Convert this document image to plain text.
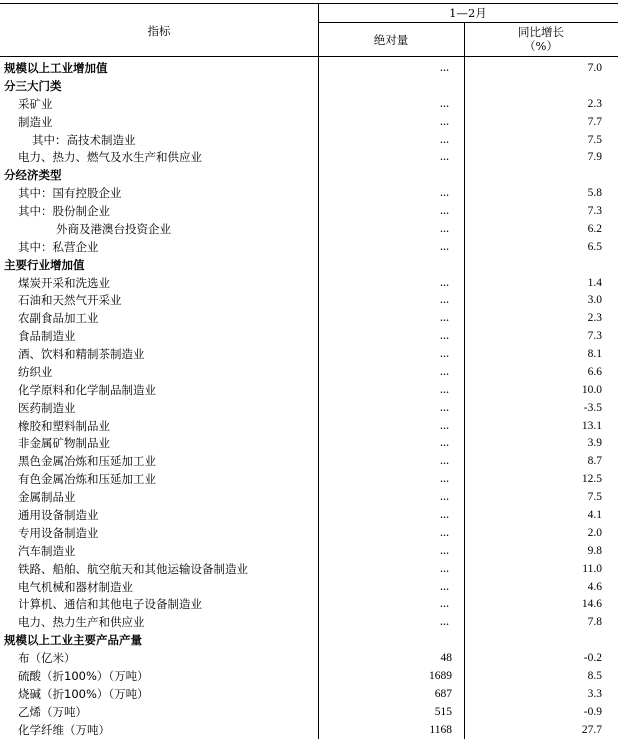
指标
1—2月
绝对量
同比增长
（%）
规模以上工业增加值	…	7.0
分三大门类
采矿业	…	2.3
制造业	…	7.7
其中：高技术制造业	…	7.5
电力、热力、燃气及水生产和供应业	…	7.9
分经济类型
其中：国有控股企业	…	5.8
其中：股份制企业	…	7.3
外商及港澳台投资企业	…	6.2
其中：私营企业	…	6.5
主要行业增加值
煤炭开采和洗选业	…	1.4
石油和天然气开采业	…	3.0
农副食品加工业	…	2.3
食品制造业	…	7.3
酒、饮料和精制茶制造业	…	8.1
纺织业	…	6.6
化学原料和化学制品制造业	…	10.0
医药制造业	…	-3.5
橡胶和塑料制品业	…	13.1
非金属矿物制品业	…	3.9
黑色金属冶炼和压延加工业	…	8.7
有色金属冶炼和压延加工业	…	12.5
金属制品业	…	7.5
通用设备制造业	…	4.1
专用设备制造业	…	2.0
汽车制造业	…	9.8
铁路、船舶、航空航天和其他运输设备制造业	…	11.0
电气机械和器材制造业	…	4.6
计算机、通信和其他电子设备制造业	…	14.6
电力、热力生产和供应业	…	7.8
规模以上工业主要产品产量
布（亿米）	48	-0.2
硫酸（折100%）（万吨）	1689	8.5
烧碱（折100%）（万吨）	687	3.3
乙烯（万吨）	515	-0.9
化学纤维（万吨）	1168	27.7
